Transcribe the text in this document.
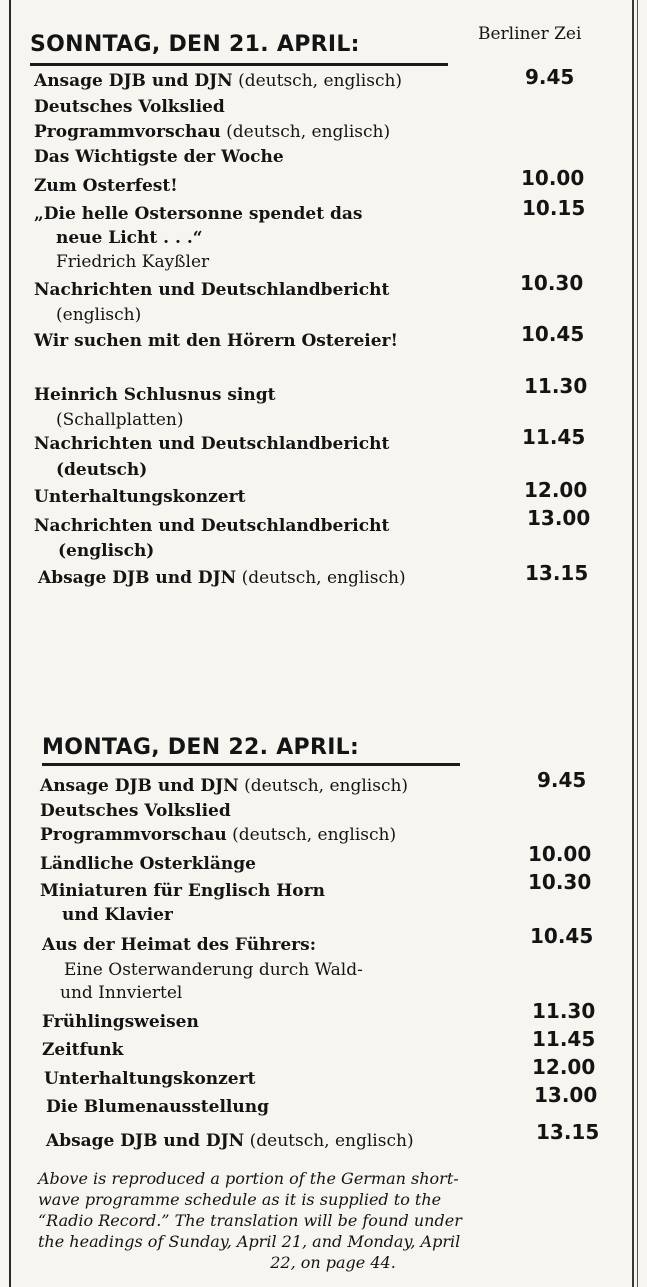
SONNTAG, DEN 21. APRIL:	Berliner Zei
MONTAG, DEN 22. APRIL:
Ansage DJB und DJN (deutsch, englisch)	9.45
Deutsches Volkslied
Programmvorschau (deutsch, englisch)
Das Wichtigste der Woche
Zum Osterfest!	10.00
„Die helle Ostersonne spendet das	10.15
neue Licht . . .“
Friedrich Kayßler
Nachrichten und Deutschlandbericht	10.30
(englisch)
Wir suchen mit den Hörern Ostereier!	10.45
Heinrich Schlusnus singt	11.30
(Schallplatten)
Nachrichten und Deutschlandbericht	11.45
(deutsch)
Unterhaltungskonzert	12.00
Nachrichten und Deutschlandbericht	13.00
(englisch)
Absage DJB und DJN (deutsch, englisch)	13.15
Ansage DJB und DJN (deutsch, englisch)	9.45
Deutsches Volkslied
Programmvorschau (deutsch, englisch)
Ländliche Osterklänge	10.00
Miniaturen für Englisch Horn	10.30
und Klavier
Aus der Heimat des Führers:	10.45
Eine Osterwanderung durch Wald-
und Innviertel
Frühlingsweisen	11.30
Zeitfunk	11.45
Unterhaltungskonzert	12.00
Die Blumenausstellung	13.00
Absage DJB und DJN (deutsch, englisch)	13.15
Above is reproduced a portion of the German short-
wave programme schedule as it is supplied to the
“Radio Record.” The translation will be found under
the headings of Sunday, April 21, and Monday, April
22, on page 44.
